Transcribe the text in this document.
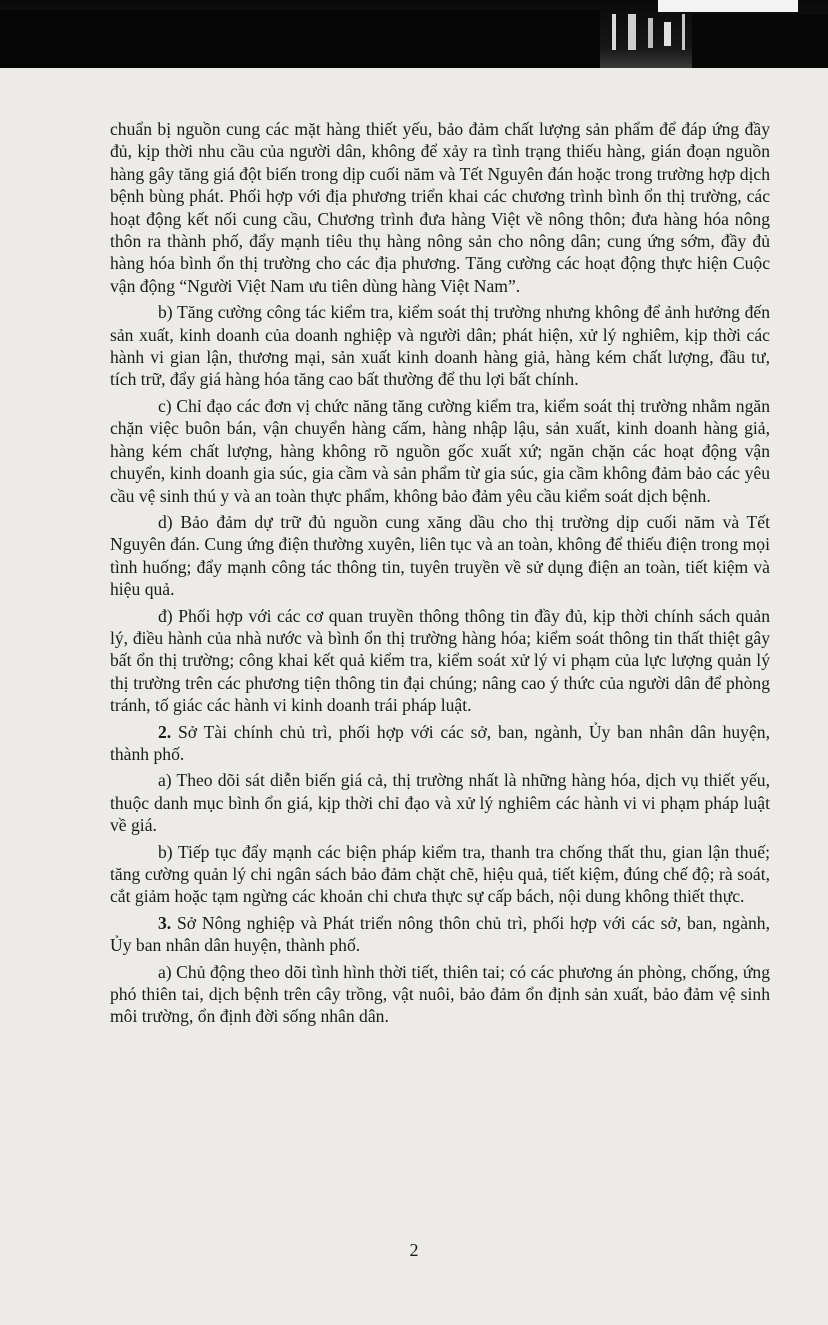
chuẩn bị nguồn cung các mặt hàng thiết yếu, bảo đảm chất lượng sản phẩm để đáp ứng đầy đủ, kịp thời nhu cầu của người dân, không để xảy ra tình trạng thiếu hàng, gián đoạn nguồn hàng gây tăng giá đột biến trong dịp cuối năm và Tết Nguyên đán hoặc trong trường hợp dịch bệnh bùng phát. Phối hợp với địa phương triển khai các chương trình bình ổn thị trường, các hoạt động kết nối cung cầu, Chương trình đưa hàng Việt về nông thôn; đưa hàng hóa nông thôn ra thành phố, đẩy mạnh tiêu thụ hàng nông sản cho nông dân; cung ứng sớm, đầy đủ hàng hóa bình ổn thị trường cho các địa phương. Tăng cường các hoạt động thực hiện Cuộc vận động “Người Việt Nam ưu tiên dùng hàng Việt Nam”.

b) Tăng cường công tác kiểm tra, kiểm soát thị trường nhưng không để ảnh hưởng đến sản xuất, kinh doanh của doanh nghiệp và người dân; phát hiện, xử lý nghiêm, kịp thời các hành vi gian lận, thương mại, sản xuất kinh doanh hàng giả, hàng kém chất lượng, đầu tư, tích trữ, đẩy giá hàng hóa tăng cao bất thường để thu lợi bất chính.

c) Chỉ đạo các đơn vị chức năng tăng cường kiểm tra, kiểm soát thị trường nhằm ngăn chặn việc buôn bán, vận chuyển hàng cấm, hàng nhập lậu, sản xuất, kinh doanh hàng giả, hàng kém chất lượng, hàng không rõ nguồn gốc xuất xứ; ngăn chặn các hoạt động vận chuyển, kinh doanh gia súc, gia cầm và sản phẩm từ gia súc, gia cầm không đảm bảo các yêu cầu vệ sinh thú y và an toàn thực phẩm, không bảo đảm yêu cầu kiểm soát dịch bệnh.

d) Bảo đảm dự trữ đủ nguồn cung xăng dầu cho thị trường dịp cuối năm và Tết Nguyên đán. Cung ứng điện thường xuyên, liên tục và an toàn, không để thiếu điện trong mọi tình huống; đẩy mạnh công tác thông tin, tuyên truyền về sử dụng điện an toàn, tiết kiệm và hiệu quả.

đ) Phối hợp với các cơ quan truyền thông thông tin đầy đủ, kịp thời chính sách quản lý, điều hành của nhà nước và bình ổn thị trường hàng hóa; kiểm soát thông tin thất thiệt gây bất ổn thị trường; công khai kết quả kiểm tra, kiểm soát xử lý vi phạm của lực lượng quản lý thị trường trên các phương tiện thông tin đại chúng; nâng cao ý thức của người dân để phòng tránh, tố giác các hành vi kinh doanh trái pháp luật.

2. Sở Tài chính chủ trì, phối hợp với các sở, ban, ngành, Ủy ban nhân dân huyện, thành phố.

a) Theo dõi sát diễn biến giá cả, thị trường nhất là những hàng hóa, dịch vụ thiết yếu, thuộc danh mục bình ổn giá, kịp thời chỉ đạo và xử lý nghiêm các hành vi vi phạm pháp luật về giá.

b) Tiếp tục đẩy mạnh các biện pháp kiểm tra, thanh tra chống thất thu, gian lận thuế; tăng cường quản lý chi ngân sách bảo đảm chặt chẽ, hiệu quả, tiết kiệm, đúng chế độ; rà soát, cắt giảm hoặc tạm ngừng các khoản chi chưa thực sự cấp bách, nội dung không thiết thực.

3. Sở Nông nghiệp và Phát triển nông thôn chủ trì, phối hợp với các sở, ban, ngành, Ủy ban nhân dân huyện, thành phố.

a) Chủ động theo dõi tình hình thời tiết, thiên tai; có các phương án phòng, chống, ứng phó thiên tai, dịch bệnh trên cây trồng, vật nuôi, bảo đảm ổn định sản xuất, bảo đảm vệ sinh môi trường, ổn định đời sống nhân dân.

2
